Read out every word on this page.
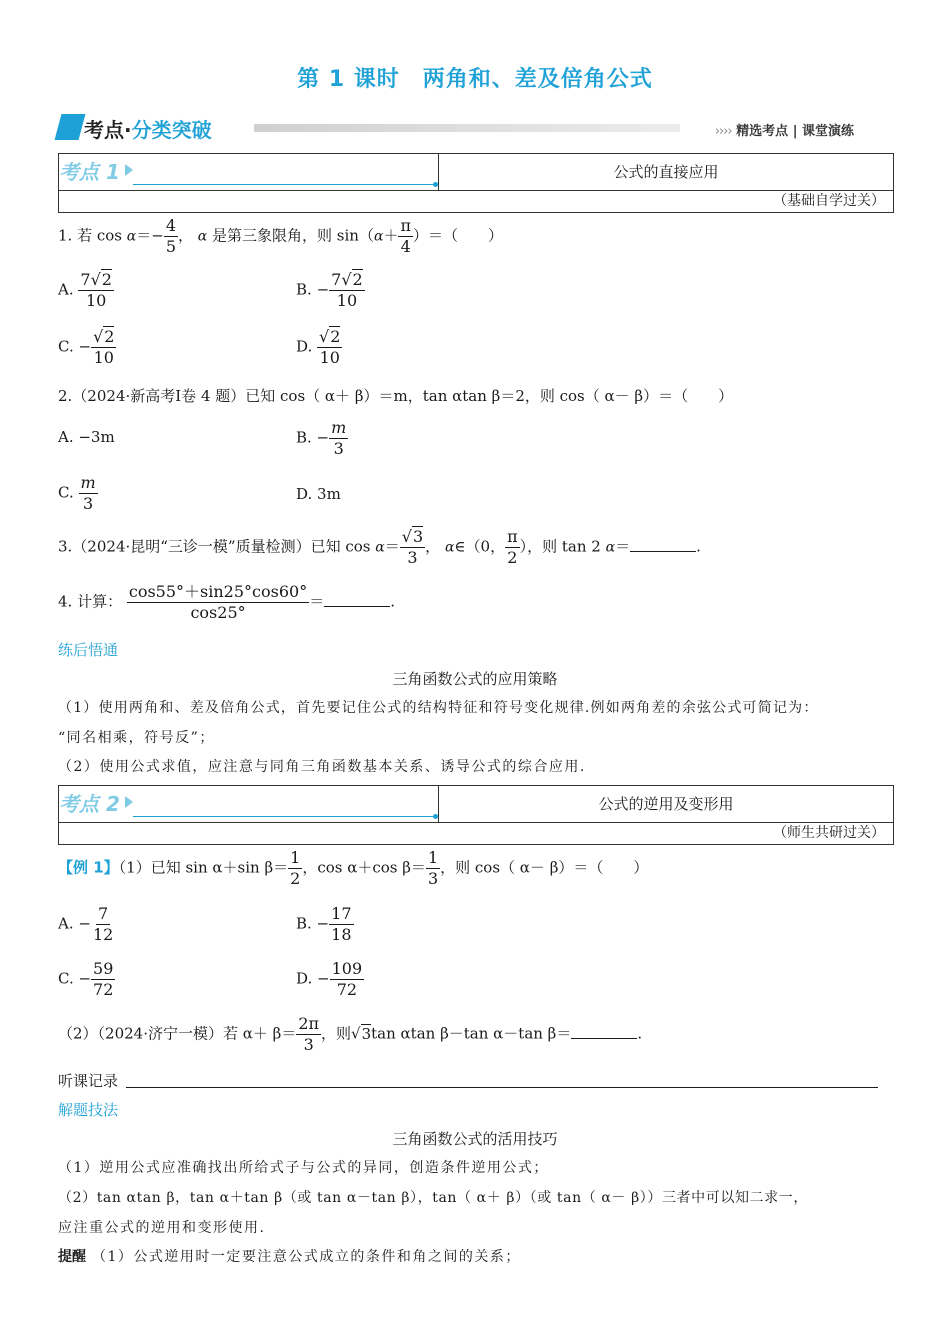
第 1 课时　两角和、差及倍角公式
考点·分类突破	›››› 精选考点 | 课堂演练
考点 1	公式的直接应用
（基础自学过关）
1. 若 $\cos \alpha=- \frac{4}{5}$ ， α 是第三象限角，则 $\sin(\alpha+ \frac{\pi}{4}$ ）＝（　　）
A. $\frac{7√2}{10}$	B. − $\frac{7√2}{10}$
C. − $\frac{√2}{10}$	D. $\frac{√2}{10}$
2.（2024·新高考Ⅰ卷 4 题）已知 cos（ α＋ β）＝m，tan αtan β＝2，则 cos（ α－ β）＝（　　）
A. −3m	B. − $\frac{m}{3}$
C. $\frac{m}{3}$	D. 3m
3.（2024·昆明“三诊一模”质量检测）已知 $\cos \alpha= \frac{√3}{3}$ ， α∈（0， $\frac{\pi}{2}$ ），则 tan 2 α＝	.
4. 计算： $\frac{\cos 55^\circ+\sin 25^\circ\cos 60^\circ}{\cos 25^\circ}$ ＝	.
练后悟通
三角函数公式的应用策略
（1）使用两角和、差及倍角公式，首先要记住公式的结构特征和符号变化规律.例如两角差的余弦公式可简记为：
“同名相乘，符号反”；
（2）使用公式求值，应注意与同角三角函数基本关系、诱导公式的综合应用.
考点 2	公式的逆用及变形用
（师生共研过关）
【例 1】（1）已知 sin α＋sin $\beta= \frac{1}{2}$ ，cos α＋cos $\beta= \frac{1}{3}$ ，则 cos（ α－ β）＝（　　）
A. − $\frac{7}{12}$	B. − $\frac{17}{18}$
C. − $\frac{59}{72}$	D. − $\frac{109}{72}$
（2）（2024·济宁一模）若 $\alpha+ \beta= \frac{2\pi}{3}$ ，则√3tan αtan β－tan α－tan β＝	.
听课记录
解题技法
三角函数公式的活用技巧
（1）逆用公式应准确找出所给式子与公式的异同，创造条件逆用公式；
（2）tan αtan β，tan α＋tan β（或 tan α－tan β），tan（ α＋ β）（或 tan（ α－ β））三者中可以知二求一，
应注重公式的逆用和变形使用.
提醒 （1）公式逆用时一定要注意公式成立的条件和角之间的关系；
